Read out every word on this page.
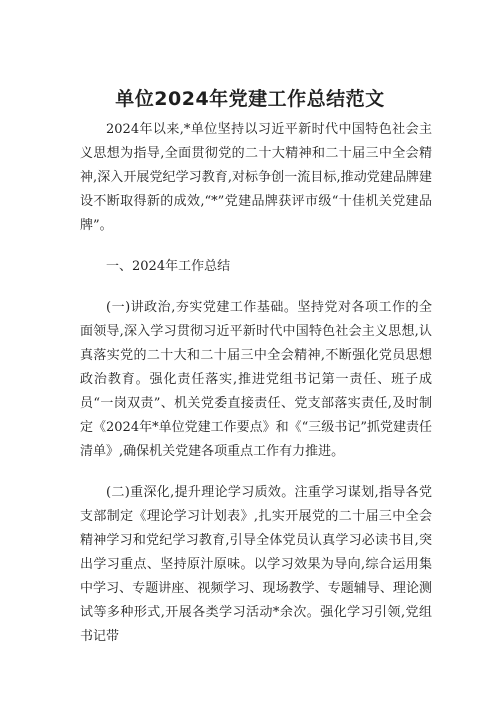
单位2024年党建工作总结范文

2024年以来,*单位坚持以习近平新时代中国特色社会主义思想为指导,全面贯彻党的二十大精神和二十届三中全会精神,深入开展党纪学习教育,对标争创一流目标,推动党建品牌建设不断取得新的成效,“*”党建品牌获评市级“十佳机关党建品牌”。

一、2024年工作总结

(一)讲政治,夯实党建工作基础。坚持党对各项工作的全面领导,深入学习贯彻习近平新时代中国特色社会主义思想,认真落实党的二十大和二十届三中全会精神,不断强化党员思想政治教育。强化责任落实,推进党组书记第一责任、班子成员“一岗双责”、机关党委直接责任、党支部落实责任,及时制定《2024年*单位党建工作要点》和《“三级书记”抓党建责任清单》,确保机关党建各项重点工作有力推进。

(二)重深化,提升理论学习质效。注重学习谋划,指导各党支部制定《理论学习计划表》,扎实开展党的二十届三中全会精神学习和党纪学习教育,引导全体党员认真学习必读书目,突出学习重点、坚持原汁原味。以学习效果为导向,综合运用集中学习、专题讲座、视频学习、现场教学、专题辅导、理论测试等多种形式,开展各类学习活动*余次。强化学习引领,党组书记带
